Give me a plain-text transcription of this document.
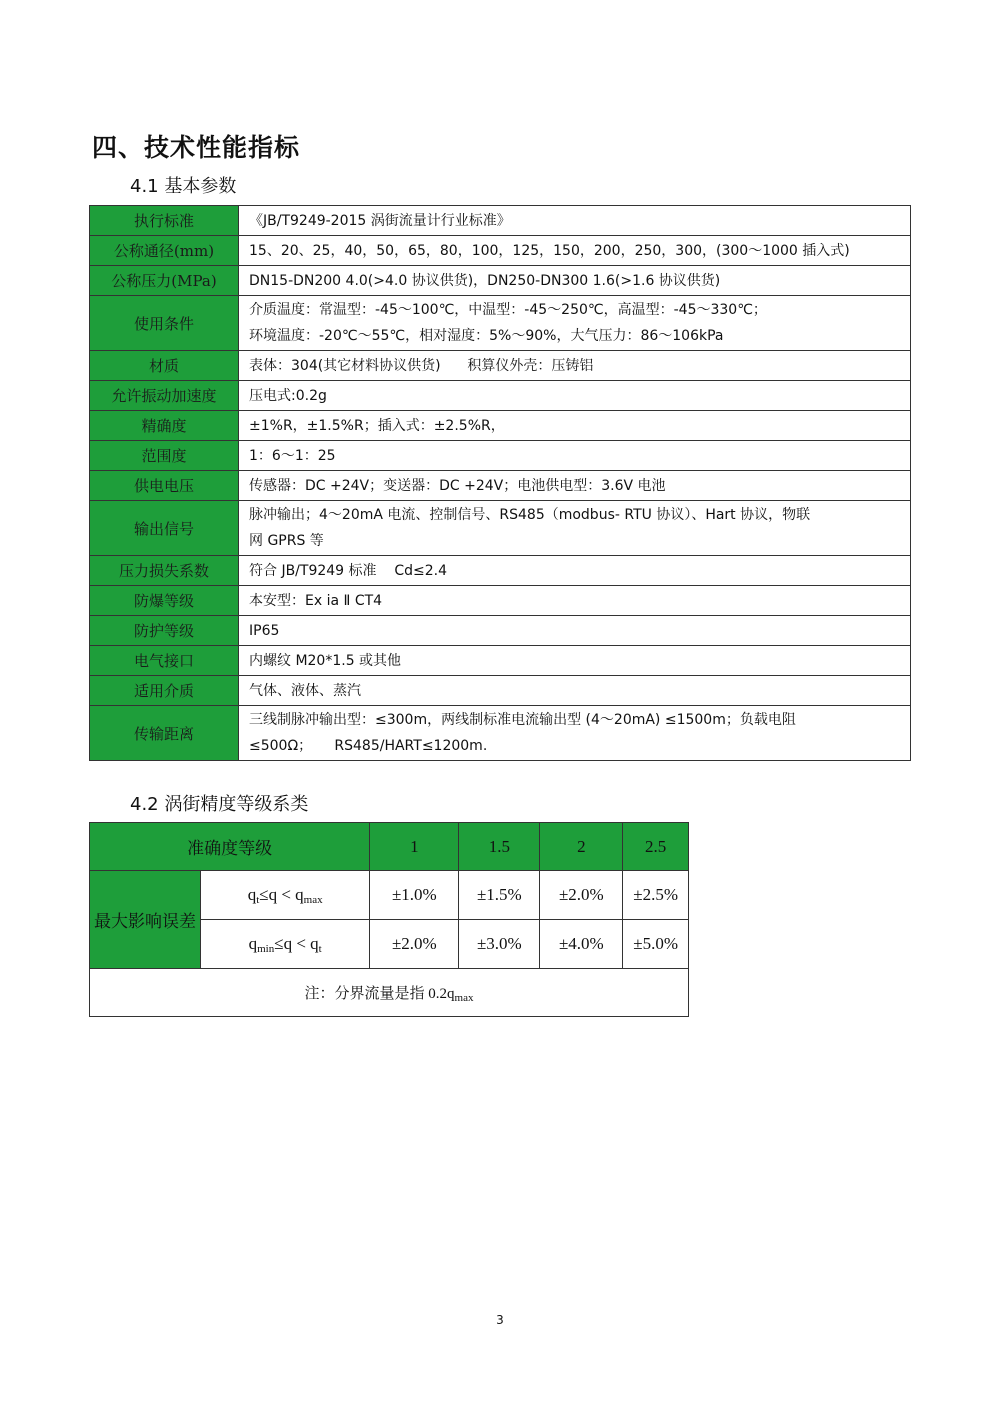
四、技术性能指标
4.1 基本参数
执行标准	《JB/T9249-2015 涡街流量计行业标准》

公称通径(mm)	15、20、25，40，50，65，80，100，125，150，200，250，300，(300～1000 插入式)

公称压力(MPa)	DN15-DN200 4.0(>4.0 协议供货)，DN250-DN300 1.6(>1.6 协议供货)

使用条件	介质温度：常温型：-45～100℃，中温型：-45～250℃，高温型：-45～330℃；
环境温度：-20℃～55℃，相对湿度：5%～90%，大气压力：86～106kPa

材质	表体：304(其它材料协议供货)      积算仪外壳：压铸铝

允许振动加速度	压电式:0.2g

精确度	±1%R，±1.5%R；插入式：±2.5%R，

范围度	1：6～1：25

供电电压	传感器：DC +24V；变送器：DC +24V；电池供电型：3.6V 电池

输出信号	脉冲输出；4～20mA 电流、控制信号、RS485（modbus- RTU 协议）、Hart 协议，物联
网 GPRS 等

压力损失系数	符合 JB/T9249 标准    Cd≤2.4

防爆等级	本安型：Ex ia Ⅱ CT4

防护等级	IP65

电气接口	内螺纹 M20*1.5 或其他

适用介质	气体、液体、蒸汽

传输距离	三线制脉冲输出型：≤300m，两线制标准电流输出型 (4～20mA) ≤1500m；负载电阻
≤500Ω；     RS485/HART≤1200m.
4.2 涡街精度等级系类
准确度等级		1	1.5	2	2.5
最大影响误差	$q_t\le q < q_{max}$	±1.0%	±1.5%	±2.0%	±2.5%
	$q_{min}\le q < q_t$	±2.0%	±3.0%	±4.0%	±5.0%
注：分界流量是指 $0.2q_{max}$
3
